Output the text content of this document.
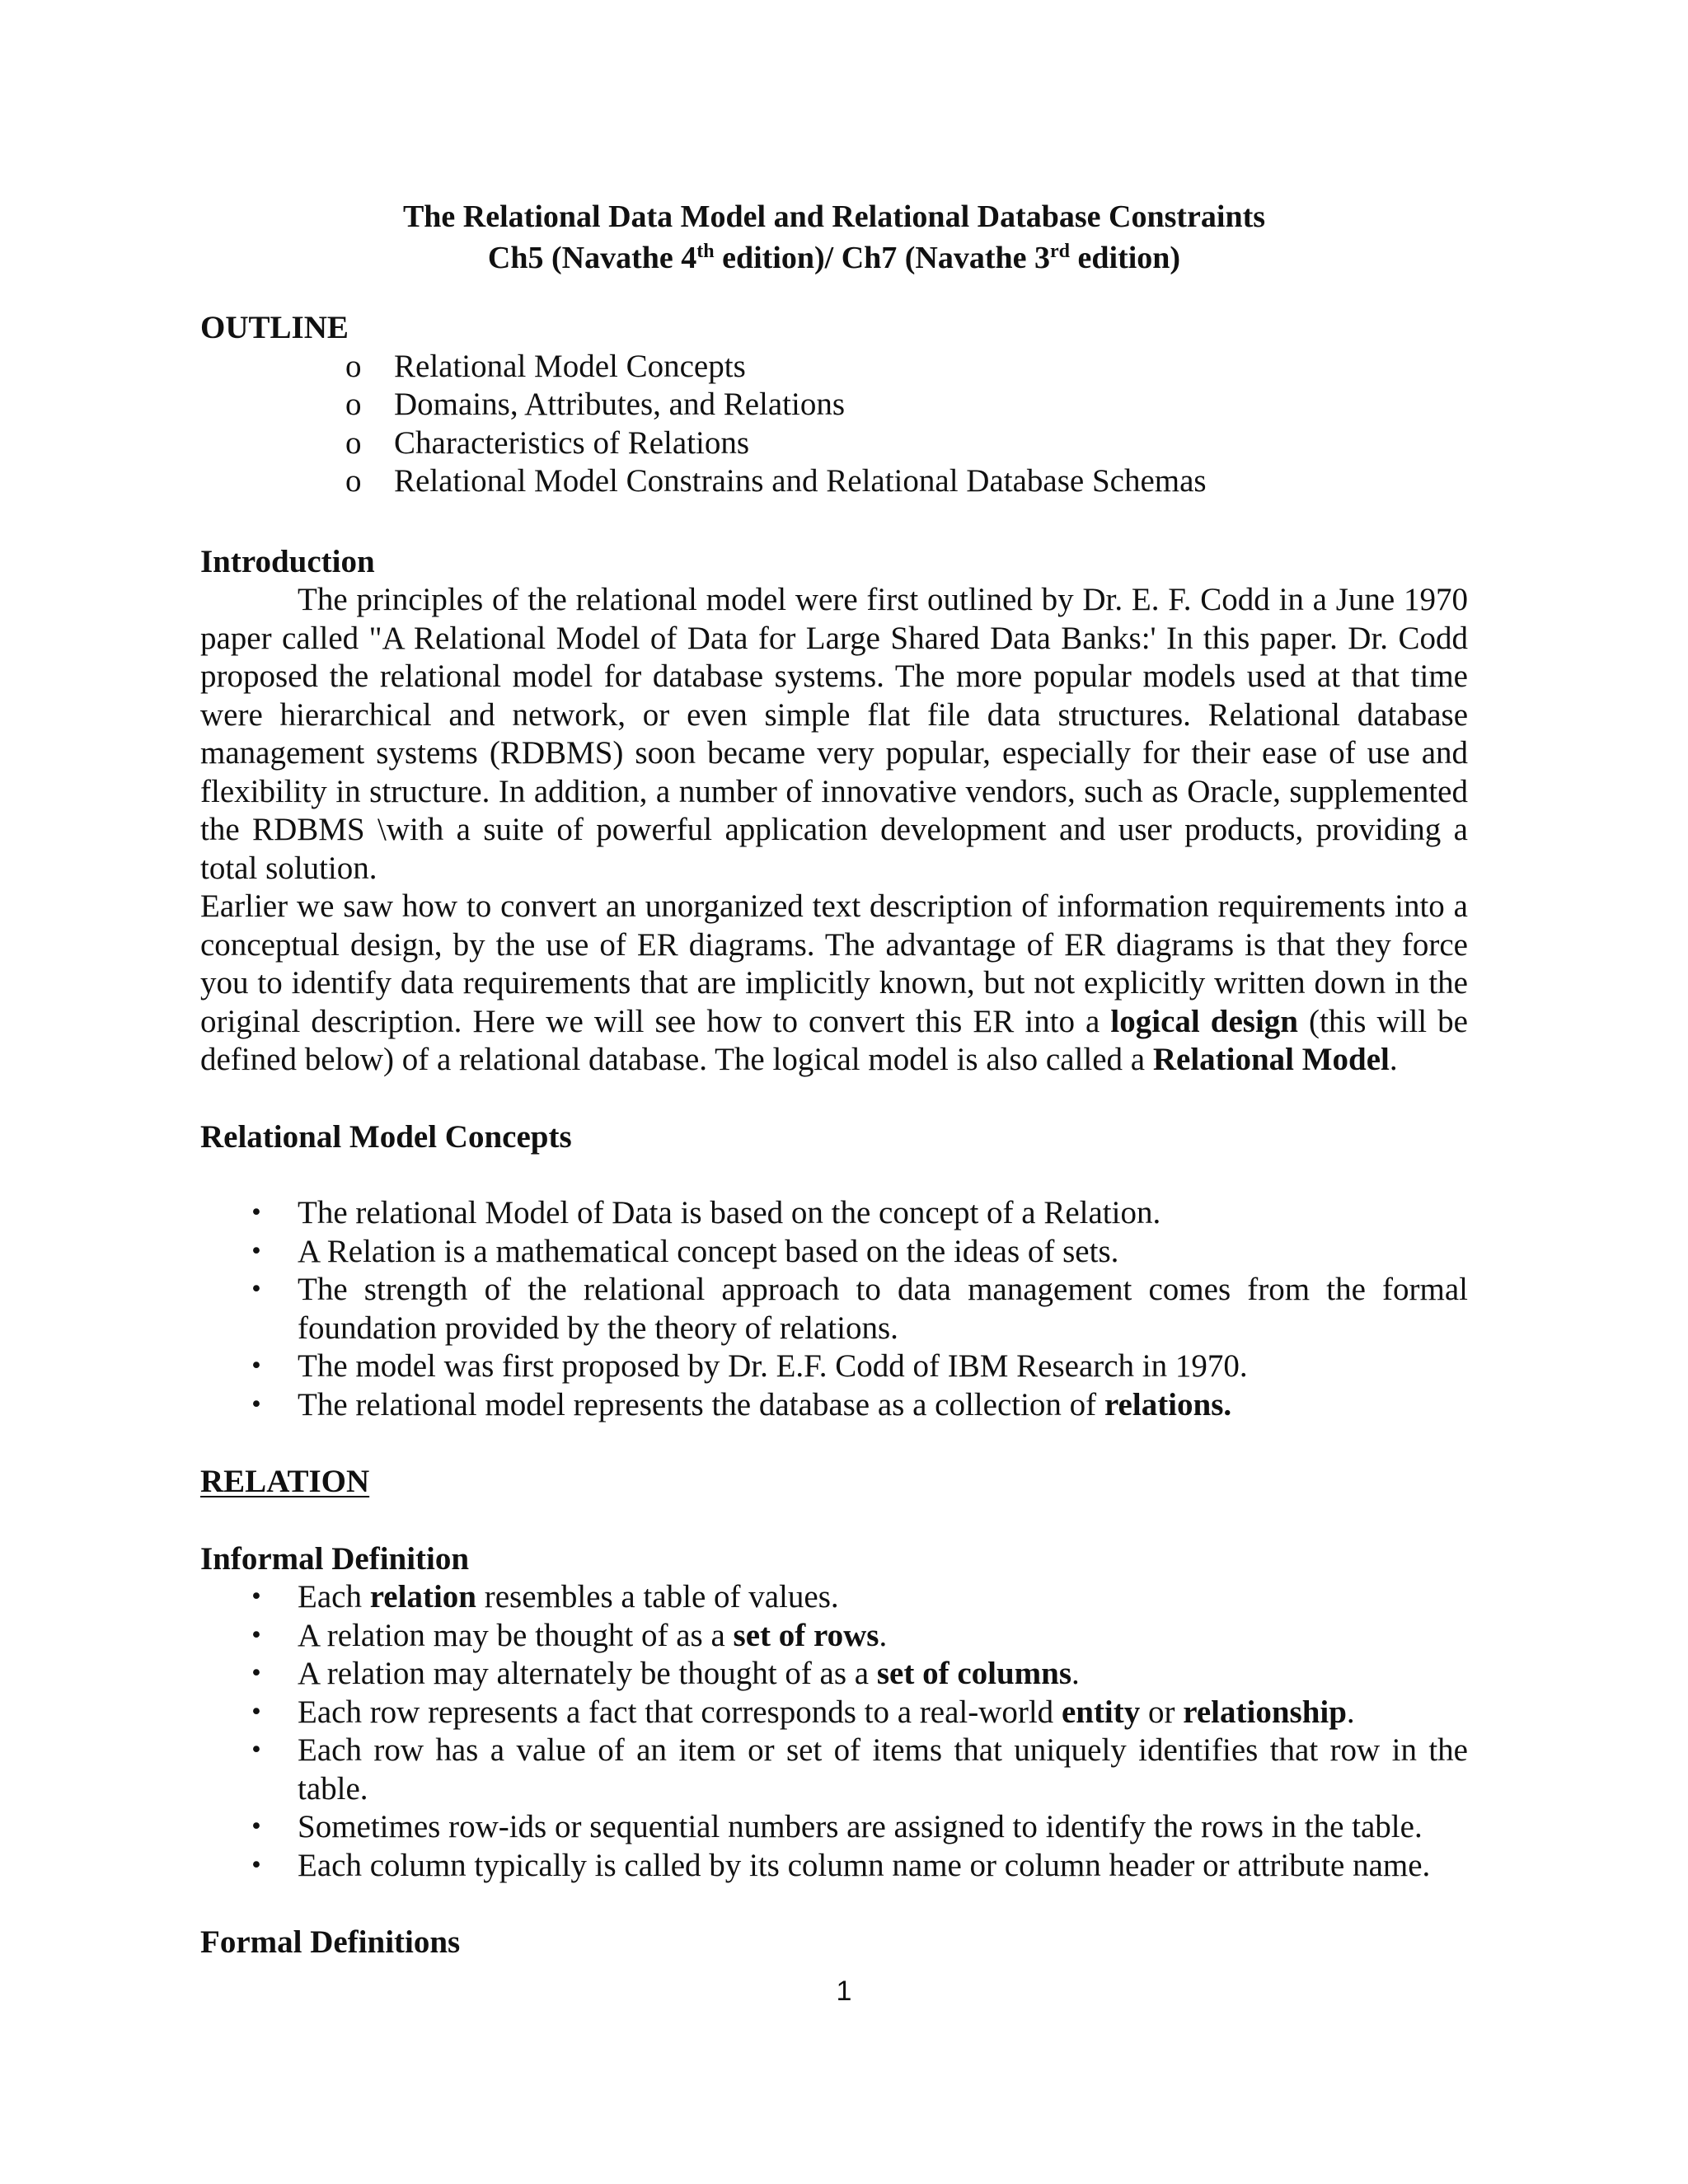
The Relational Data Model and Relational Database Constraints
Ch5 (Navathe 4th edition)/ Ch7 (Navathe 3rd edition)
OUTLINE
o Relational Model Concepts
o Domains, Attributes, and Relations
o Characteristics of Relations
o Relational Model Constrains and Relational Database Schemas
Introduction

The principles of the relational model were first outlined by Dr. E. F. Codd in a June 1970 paper called "A Relational Model of Data for Large Shared Data Banks:' In this paper. Dr. Codd proposed the relational model for database systems. The more popular models used at that time were hierarchical and network, or even simple flat file data structures. Relational database management systems (RDBMS) soon became very popular, especially for their ease of use and flexibility in structure. In addition, a number of innovative vendors, such as Oracle, supplemented the RDBMS \with a suite of powerful application development and user products, providing a total solution.

Earlier we saw how to convert an unorganized text description of information requirements into a conceptual design, by the use of ER diagrams. The advantage of ER diagrams is that they force you to identify data requirements that are implicitly known, but not explicitly written down in the original description. Here we will see how to convert this ER into a logical design (this will be defined below) of a relational database. The logical model is also called a Relational Model.

Relational Model Concepts
• The relational Model of Data is based on the concept of a Relation.
• A Relation is a mathematical concept based on the ideas of sets.
• The strength of the relational approach to data management comes from the formal foundation provided by the theory of relations.
• The model was first proposed by Dr. E.F. Codd of IBM Research in 1970.
• The relational model represents the database as a collection of relations.
RELATION
Informal Definition
• Each relation resembles a table of values.
• A relation may be thought of as a set of rows.
• A relation may alternately be thought of as a set of columns.
• Each row represents a fact that corresponds to a real-world entity or relationship.
• Each row has a value of an item or set of items that uniquely identifies that row in the table.
• Sometimes row-ids or sequential numbers are assigned to identify the rows in the table.
• Each column typically is called by its column name or column header or attribute name.
Formal Definitions
1
